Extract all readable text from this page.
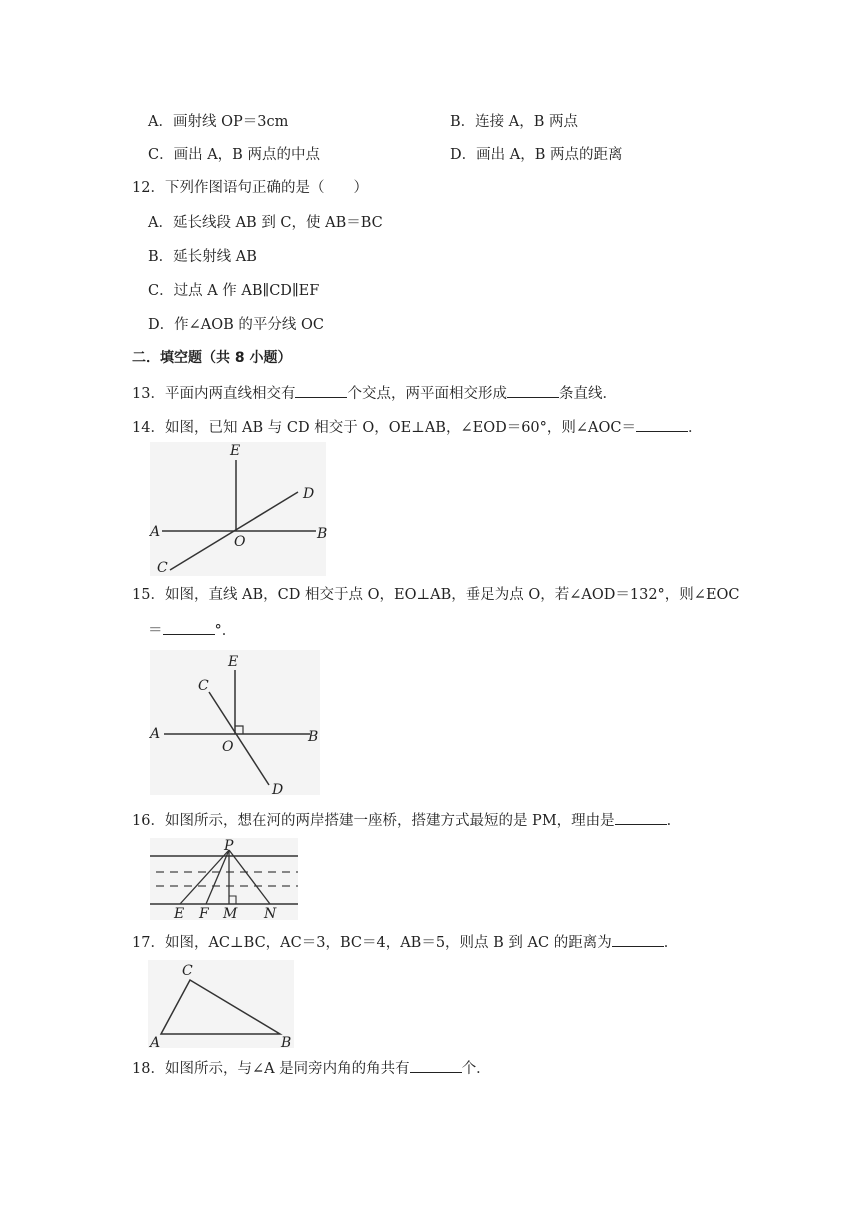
A．画射线 OP＝3cm	B．连接 A，B 两点
C．画出 A，B 两点的中点	D．画出 A，B 两点的距离
12．下列作图语句正确的是（　　）
A．延长线段 AB 到 C，使 AB＝BC
B．延长射线 AB
C．过点 A 作 AB∥CD∥EF
D．作∠AOB 的平分线 OC
二．填空题（共 8 小题）
13．平面内两直线相交有	个交点，两平面相交形成	条直线．
14．如图，已知 AB 与 CD 相交于 O，OE⊥AB，∠EOD＝60°，则∠AOC＝	．
E
D
A
O	B
C
15．如图，直线 AB，CD 相交于点 O，EO⊥AB，垂足为点 O，若∠AOD＝132°，则∠EOC
＝	°．
E
C
A
O
B
D
16．如图所示，想在河的两岸搭建一座桥，搭建方式最短的是 PM，理由是	．
P
E F M N
17．如图，AC⊥BC，AC＝3，BC＝4，AB＝5，则点 B 到 AC 的距离为	．
C
A	B
18．如图所示，与∠A 是同旁内角的角共有	个．
